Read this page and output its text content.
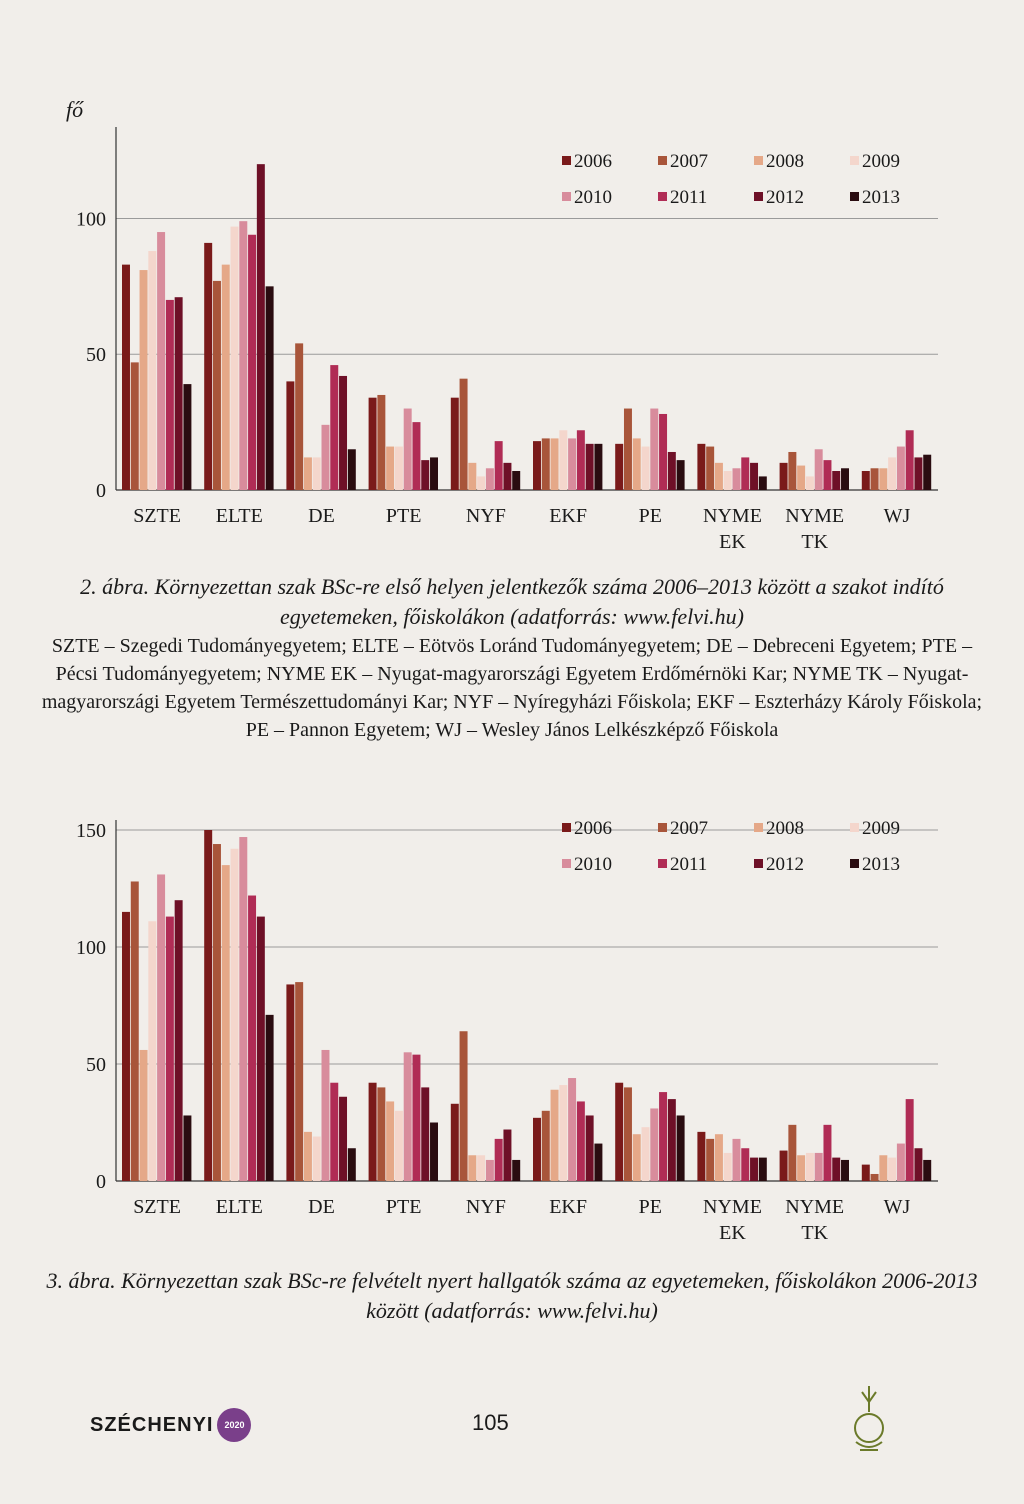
0
50
100
fő
SZTE ELTE DE	PTE NYF EKF	PE NYME
EK
NYME
TK
WJ
2006	2007	2008	2009
2010	2011	2012	2013
0
50
100
150
SZTE ELTE DE	PTE NYF EKF	PE NYME
EK
NYME
TK
WJ
2006	2007	2008	2009
2010	2011	2012	2013
2. ábra. Környezettan szak BSc-re első helyen jelentkezők száma 2006–2013 között a szakot indító egyetemeken, főiskolákon (adatforrás: www.felvi.hu)
SZTE – Szegedi Tudományegyetem; ELTE – Eötvös Loránd Tudományegyetem; DE – Debreceni Egyetem; PTE – Pécsi Tudományegyetem; NYME EK – Nyugat-magyarországi Egyetem Erdőmérnöki Kar; NYME TK – Nyugat-magyarországi Egyetem Természettudományi Kar; NYF – Nyíregyházi Főiskola; EKF – Eszterházy Károly Főiskola; PE – Pannon Egyetem; WJ – Wesley János Lelkészképző Főiskola
3. ábra. Környezettan szak BSc-re felvételt nyert hallgatók száma az egyetemeken, főiskolákon 2006-2013 között (adatforrás: www.felvi.hu)
SZÉCHENYI	2020	105
